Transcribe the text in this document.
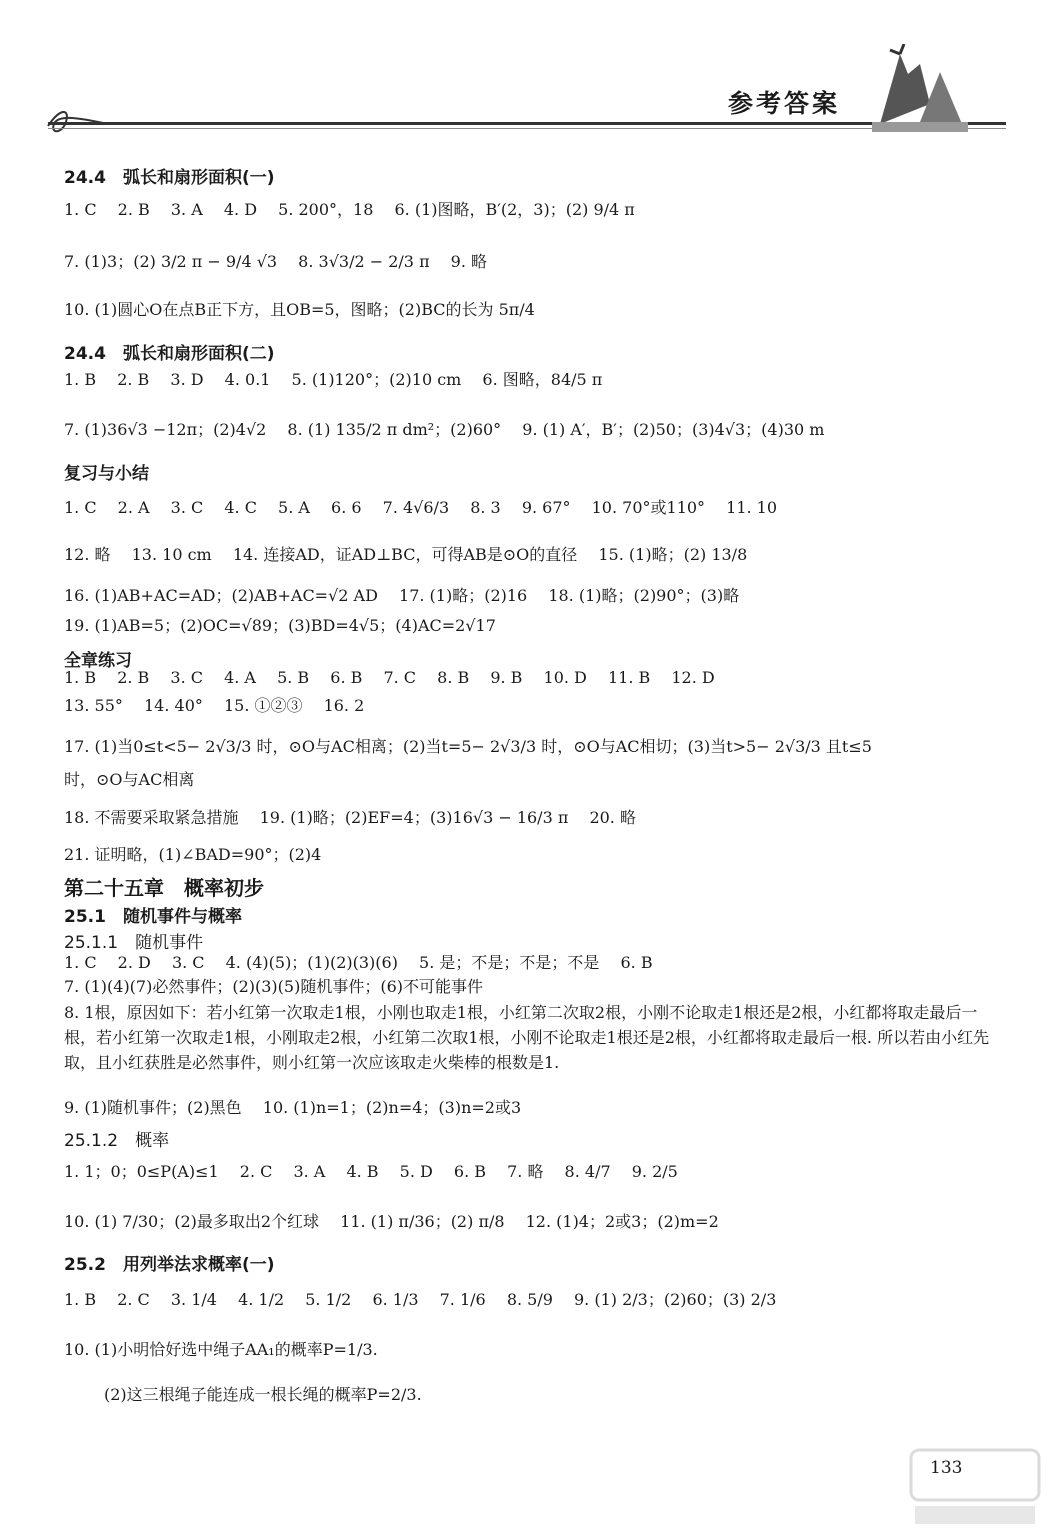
参考答案
24.4　弧长和扇形面积(一)
1. C　 2. B　 3. A　 4. D　 5. 200°，18　 6. (1)图略，B′(2，3)；(2) 9/4 π
7. (1)3；(2) 3/2 π − 9/4 √3　 8. 3√3/2 − 2/3 π　 9. 略
10. (1)圆心O在点B正下方，且OB=5，图略；(2)BC的长为 5π/4
24.4　弧长和扇形面积(二)
1. B　 2. B　 3. D　 4. 0.1　 5. (1)120°；(2)10 cm　 6. 图略，84/5 π
7. (1)36√3 −12π；(2)4√2　 8. (1) 135/2 π dm²；(2)60°　 9. (1) A′，B′；(2)50；(3)4√3；(4)30 m
复习与小结
1. C　 2. A　 3. C　 4. C　 5. A　 6. 6　 7. 4√6/3　 8. 3　 9. 67°　 10. 70°或110°　 11. 10
12. 略　 13. 10 cm　 14. 连接AD，证AD⊥BC，可得AB是⊙O的直径　 15. (1)略；(2) 13/8
16. (1)AB+AC=AD；(2)AB+AC=√2 AD　 17. (1)略；(2)16　 18. (1)略；(2)90°；(3)略
19. (1)AB=5；(2)OC=√89；(3)BD=4√5；(4)AC=2√17
全章练习
1. B　 2. B　 3. C　 4. A　 5. B　 6. B　 7. C　 8. B　 9. B　 10. D　 11. B　 12. D
13. 55°　 14. 40°　 15. ①②③　 16. 2
17. (1)当0≤t<5− 2√3/3 时，⊙O与AC相离；(2)当t=5− 2√3/3 时，⊙O与AC相切；(3)当t>5− 2√3/3 且t≤5
时，⊙O与AC相离
18. 不需要采取紧急措施　 19. (1)略；(2)EF=4；(3)16√3 − 16/3 π　 20. 略
21. 证明略，(1)∠BAD=90°；(2)4
第二十五章　概率初步
25.1　随机事件与概率
25.1.1　随机事件
1. C　 2. D　 3. C　 4. (4)(5)；(1)(2)(3)(6)　 5. 是；不是；不是；不是　 6. B
7. (1)(4)(7)必然事件；(2)(3)(5)随机事件；(6)不可能事件
8. 1根，原因如下：若小红第一次取走1根，小刚也取走1根，小红第二次取2根，小刚不论取走1根还是2根，小红都将取走最后一根，若小红第一次取走1根，小刚取走2根，小红第二次取1根，小刚不论取走1根还是2根，小红都将取走最后一根. 所以若由小红先取，且小红获胜是必然事件，则小红第一次应该取走火柴棒的根数是1.
9. (1)随机事件；(2)黑色　 10. (1)n=1；(2)n=4；(3)n=2或3
25.1.2　概率
1. 1；0；0≤P(A)≤1　 2. C　 3. A　 4. B　 5. D　 6. B　 7. 略　 8. 4/7　 9. 2/5
10. (1) 7/30；(2)最多取出2个红球　 11. (1) π/36；(2) π/8　 12. (1)4；2或3；(2)m=2
25.2　用列举法求概率(一)
1. B　 2. C　 3. 1/4　 4. 1/2　 5. 1/2　 6. 1/3　 7. 1/6　 8. 5/9　 9. (1) 2/3；(2)60；(3) 2/3
10. (1)小明恰好选中绳子AA₁的概率P=1/3.
(2)这三根绳子能连成一根长绳的概率P=2/3.
133
